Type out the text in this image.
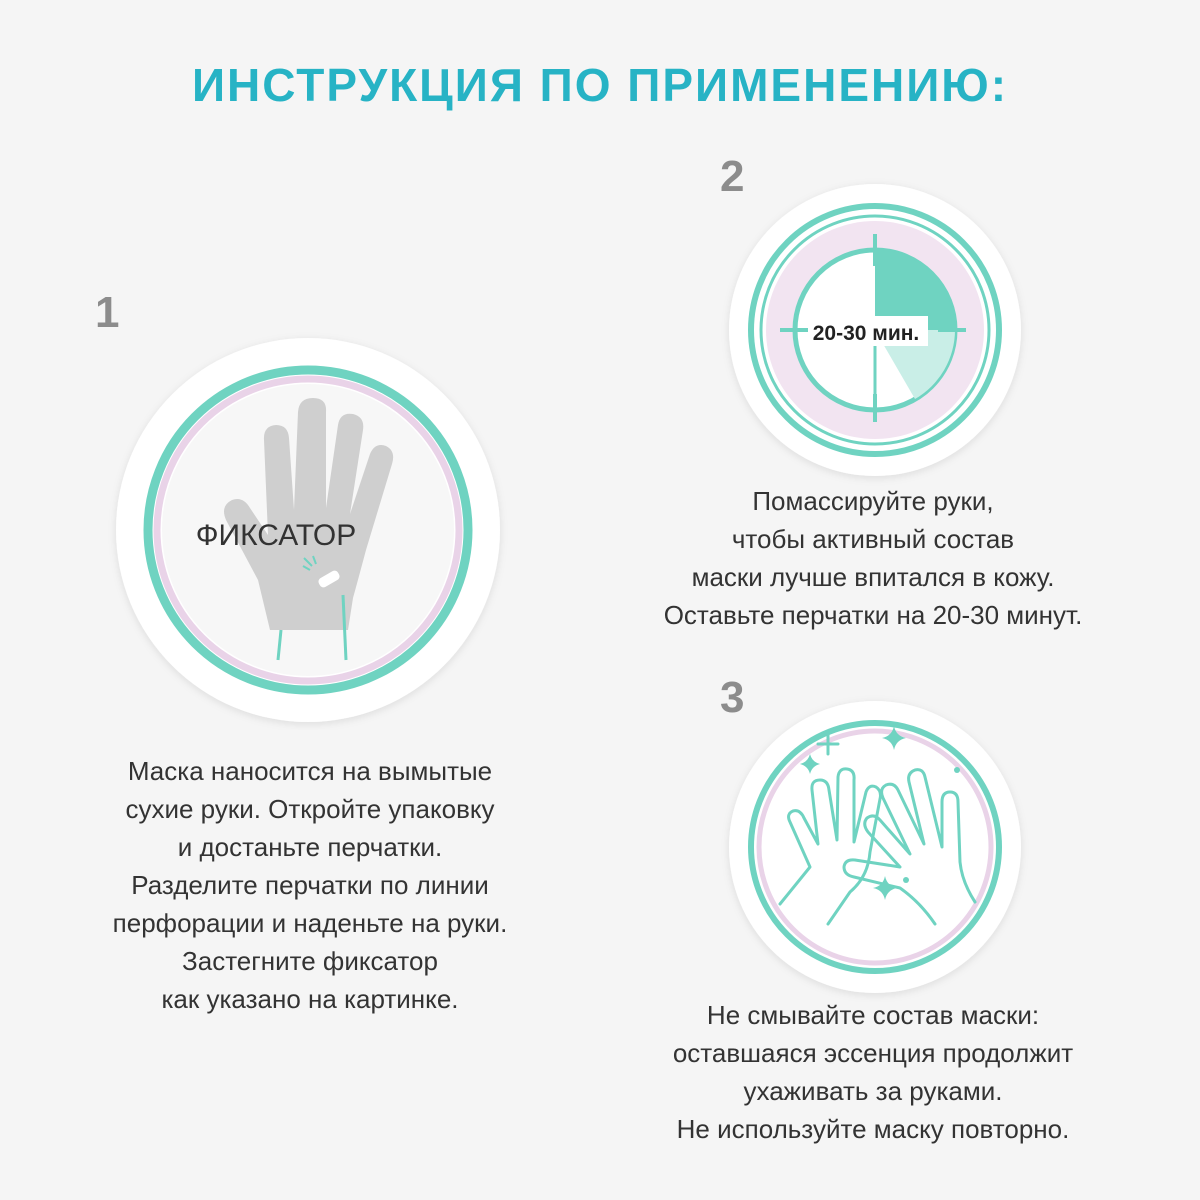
ИНСТРУКЦИЯ ПО ПРИМЕНЕНИЮ:
1
ФИКСАТОР
Маска наносится на вымытые
сухие руки. Откройте упаковку
и достаньте перчатки.
Разделите перчатки по линии
перфорации и наденьте на руки.
Застегните фиксатор
как указано на картинке.
2
20-30 мин.
Помассируйте руки,
чтобы активный состав
маски лучше впитался в кожу.
Оставьте перчатки на 20-30 минут.
3
Не смывайте состав маски:
оставшаяся эссенция продолжит
ухаживать за руками.
Не используйте маску повторно.
